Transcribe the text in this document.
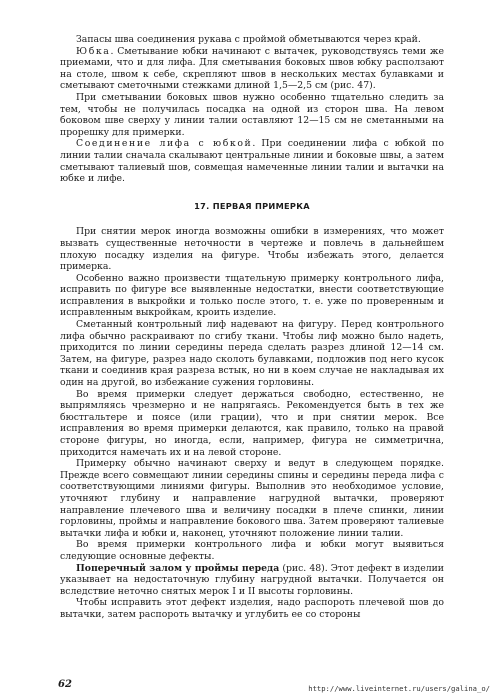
Запасы шва соединения рукава с проймой обметываются через край.

Юбка. Сметывание юбки начинают с вытачек, руководствуясь теми же приемами, что и для лифа. Для сметывания боковых швов юбку расползают на столе, швом к себе, скрепляют швов в нескольких местах булавками и сметывают сметочными стежками длиной 1,5—2,5 см (рис. 47).

При сметывании боковых швов нужно особенно тщательно следить за тем, чтобы не получилась посадка на одной из сторон шва. На левом боковом шве сверху у линии талии оставляют 12—15 см не сметанными на прорешку для примерки.

Соединение лифа с юбкой. При соединении лифа с юбкой по линии талии сначала скалывают центральные линии и боковые швы, а затем сметывают талиевый шов, совмещая намеченные линии талии и вытачки на юбке и лифе.

17. ПЕРВАЯ ПРИМЕРКА

При снятии мерок иногда возможны ошибки в измерениях, что может вызвать существенные неточности в чертеже и повлечь в дальнейшем плохую посадку изделия на фигуре. Чтобы избежать этого, делается примерка.

Особенно важно произвести тщательную примерку контрольного лифа, исправить по фигуре все выявленные недостатки, внести соответствующие исправления в выкройки и только после этого, т. е. уже по проверенным и исправленным выкройкам, кроить изделие.

Сметанный контрольный лиф надевают на фигуру. Перед контрольного лифа обычно раскраивают по сгибу ткани. Чтобы лиф можно было надеть, приходится по линии середины переда сделать разрез длиной 12—14 см. Затем, на фигуре, разрез надо сколоть булавками, подложив под него кусок ткани и соединив края разреза встык, но ни в коем случае не накладывая их один на другой, во избежание сужения горловины.

Во время примерки следует держаться свободно, естественно, не выпрямляясь чрезмерно и не напрягаясь. Рекомендуется быть в тех же бюстгальтере и поясе (или грации), что и при снятии мерок. Все исправления во время примерки делаются, как правило, только на правой стороне фигуры, но иногда, если, например, фигура не симметрична, приходится намечать их и на левой стороне.

Примерку обычно начинают сверху и ведут в следующем порядке. Прежде всего совмещают линии середины спины и середины переда лифа с соответствующими линиями фигуры. Выполнив это необходимое условие, уточняют глубину и направление нагрудной вытачки, проверяют направление плечевого шва и величину посадки в плече спинки, линии горловины, проймы и направление бокового шва. Затем проверяют талиевые вытачки лифа и юбки и, наконец, уточняют положение линии талии.

Во время примерки контрольного лифа и юбки могут выявиться следующие основные дефекты.

Поперечный залом у проймы переда (рис. 48). Этот дефект в изделии указывает на недостаточную глубину нагрудной вытачки. Получается он вследствие неточно снятых мерок I и II высоты горловины.

Чтобы исправить этот дефект изделия, надо распороть плечевой шов до вытачки, затем распороть вытачку и углубить ее со стороны

62	http://www.liveinternet.ru/users/galina_o/
